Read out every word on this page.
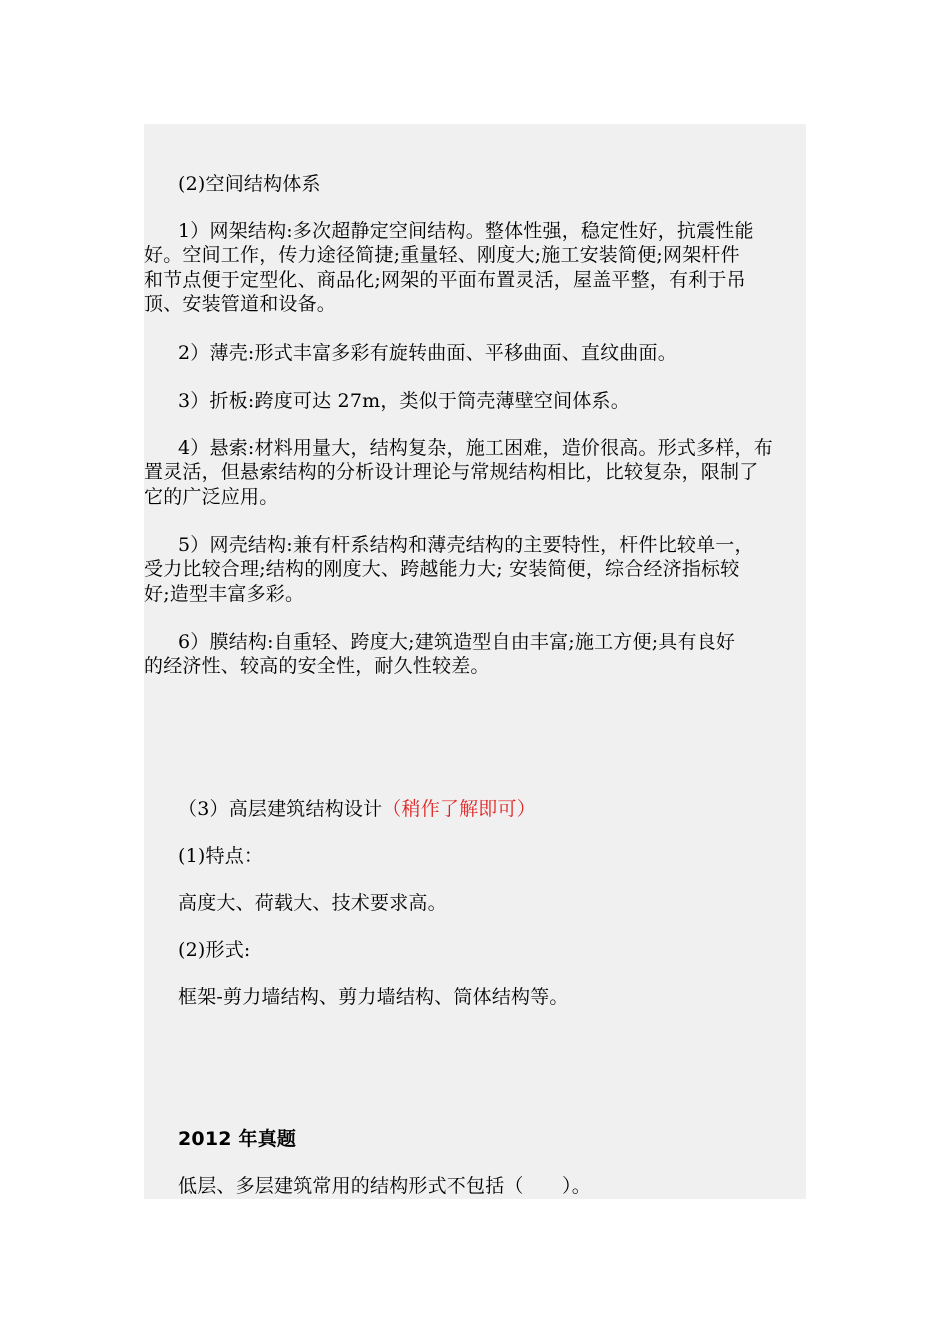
(2)空间结构体系
1）网架结构:多次超静定空间结构。整体性强，稳定性好，抗震性能
好。空间工作，传力途径简捷;重量轻、刚度大;施工安装简便;网架杆件
和节点便于定型化、商品化;网架的平面布置灵活，屋盖平整，有利于吊
顶、安装管道和设备。
2）薄壳:形式丰富多彩有旋转曲面、平移曲面、直纹曲面。
3）折板:跨度可达 27m，类似于筒壳薄壁空间体系。
4）悬索:材料用量大，结构复杂，施工困难，造价很高。形式多样，布
置灵活，但悬索结构的分析设计理论与常规结构相比，比较复杂，限制了
它的广泛应用。
5）网壳结构:兼有杆系结构和薄壳结构的主要特性，杆件比较单一，
受力比较合理;结构的刚度大、跨越能力大; 安装简便，综合经济指标较
好;造型丰富多彩。
6）膜结构:自重轻、跨度大;建筑造型自由丰富;施工方便;具有良好
的经济性、较高的安全性，耐久性较差。
（3）高层建筑结构设计（稍作了解即可）
(1)特点：
高度大、荷载大、技术要求高。
(2)形式:
框架-剪力墙结构、剪力墙结构、筒体结构等。
2012 年真题
低层、多层建筑常用的结构形式不包括（　　）。
